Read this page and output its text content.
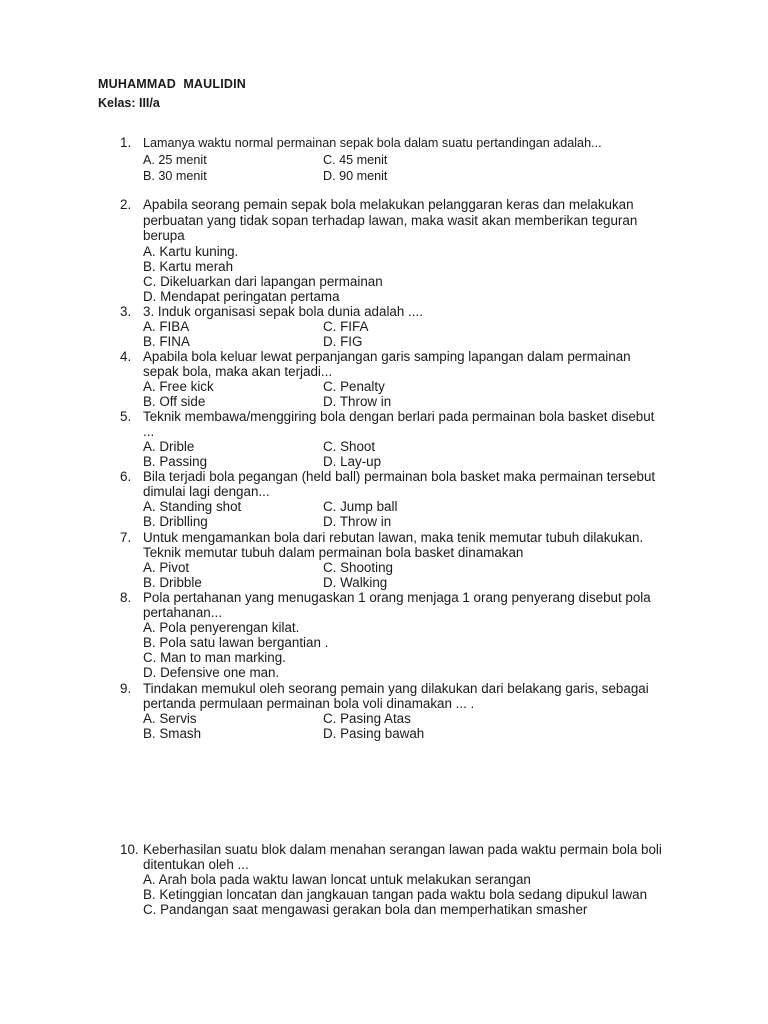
MUHAMMAD  MAULIDIN
Kelas: III/a
1. Lamanya waktu normal permainan sepak bola dalam suatu pertandingan adalah...
A. 25 menit	C. 45 menit
B. 30 menit	D. 90 menit
2. Apabila seorang pemain sepak bola melakukan pelanggaran keras dan melakukan perbuatan yang tidak sopan terhadap lawan, maka wasit akan memberikan teguran berupa
A. Kartu kuning.
B. Kartu merah
C. Dikeluarkan dari lapangan permainan
D. Mendapat peringatan pertama
3. 3. Induk organisasi sepak bola dunia adalah ....
A. FIBA	C. FIFA
B. FINA	D. FIG
4. Apabila bola keluar lewat perpanjangan garis samping lapangan dalam permainan sepak bola, maka akan terjadi...
A. Free kick	C. Penalty
B. Off side	D. Throw in
5. Teknik membawa/menggiring bola dengan berlari pada permainan bola basket disebut ...
A. Drible	C. Shoot
B. Passing	D. Lay-up
6. Bila terjadi bola pegangan (held ball) permainan bola basket maka permainan tersebut dimulai lagi dengan...
A. Standing shot	C. Jump ball
B. Driblling	D. Throw in
7. Untuk mengamankan bola dari rebutan lawan, maka tenik memutar tubuh dilakukan. Teknik memutar tubuh dalam permainan bola basket dinamakan
A. Pivot	C. Shooting
B. Dribble	D. Walking
8. Pola pertahanan yang menugaskan 1 orang menjaga 1 orang penyerang disebut pola pertahanan...
A. Pola penyerengan kilat.
B. Pola satu lawan bergantian .
C. Man to man marking.
D. Defensive one man.
9. Tindakan memukul oleh seorang pemain yang dilakukan dari belakang garis, sebagai pertanda permulaan permainan bola voli dinamakan ... .
A. Servis	C. Pasing Atas
B. Smash	D. Pasing bawah
10. Keberhasilan suatu blok dalam menahan serangan lawan pada waktu permain bola boli ditentukan oleh ...
A. Arah bola pada waktu lawan loncat untuk melakukan serangan
B. Ketinggian loncatan dan jangkauan tangan pada waktu bola sedang dipukul lawan
C. Pandangan saat mengawasi gerakan bola dan memperhatikan smasher
